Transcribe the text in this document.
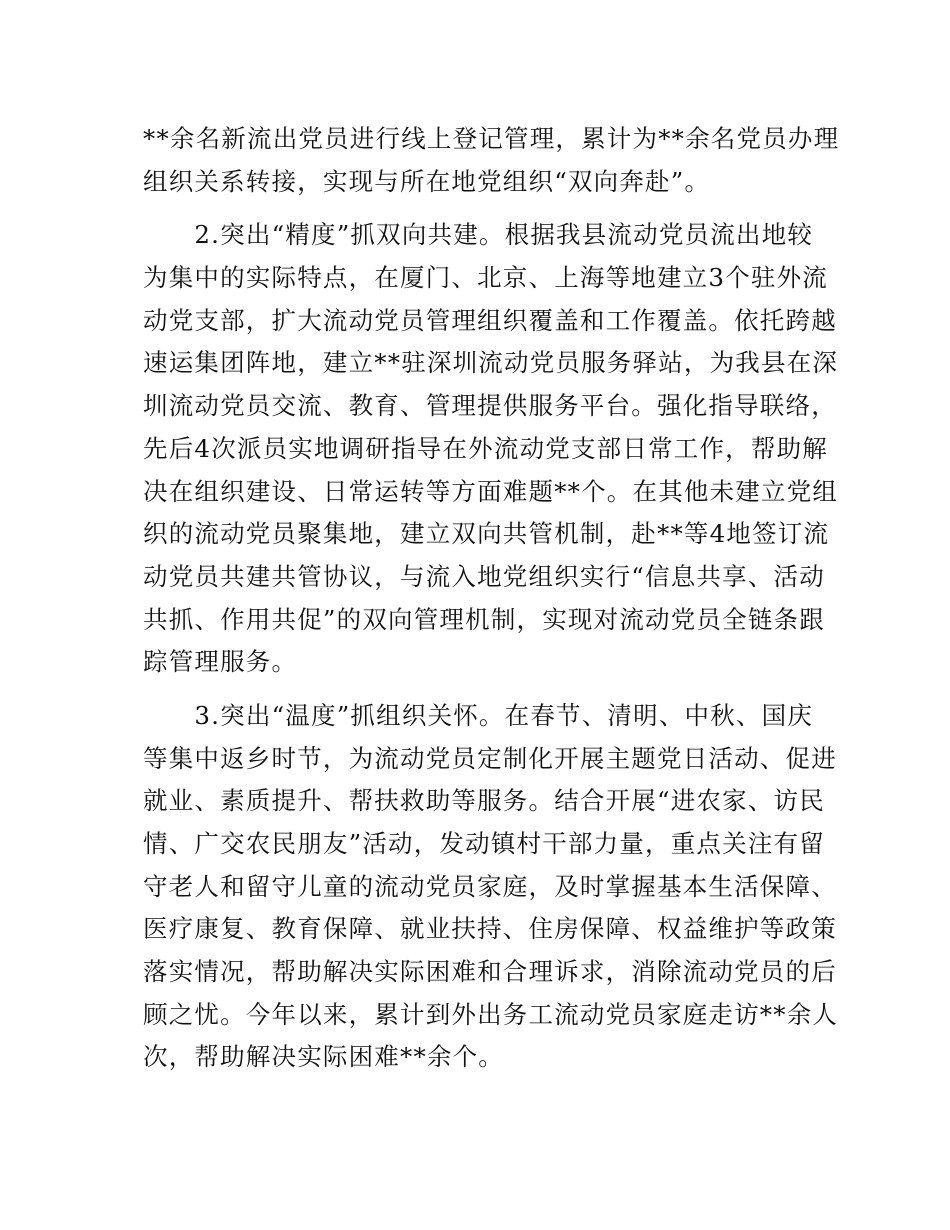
**余名新流出党员进行线上登记管理，累计为**余名党员办理
组织关系转接，实现与所在地党组织“双向奔赴”。
　　2.突出“精度”抓双向共建。根据我县流动党员流出地较
为集中的实际特点，在厦门、北京、上海等地建立3个驻外流
动党支部，扩大流动党员管理组织覆盖和工作覆盖。依托跨越
速运集团阵地，建立**驻深圳流动党员服务驿站，为我县在深
圳流动党员交流、教育、管理提供服务平台。强化指导联络，
先后4次派员实地调研指导在外流动党支部日常工作，帮助解
决在组织建设、日常运转等方面难题**个。在其他未建立党组
织的流动党员聚集地，建立双向共管机制，赴**等4地签订流
动党员共建共管协议，与流入地党组织实行“信息共享、活动
共抓、作用共促”的双向管理机制，实现对流动党员全链条跟
踪管理服务。
　　3.突出“温度”抓组织关怀。在春节、清明、中秋、国庆
等集中返乡时节，为流动党员定制化开展主题党日活动、促进
就业、素质提升、帮扶救助等服务。结合开展“进农家、访民
情、广交农民朋友”活动，发动镇村干部力量，重点关注有留
守老人和留守儿童的流动党员家庭，及时掌握基本生活保障、
医疗康复、教育保障、就业扶持、住房保障、权益维护等政策
落实情况，帮助解决实际困难和合理诉求，消除流动党员的后
顾之忧。今年以来，累计到外出务工流动党员家庭走访**余人
次，帮助解决实际困难**余个。
